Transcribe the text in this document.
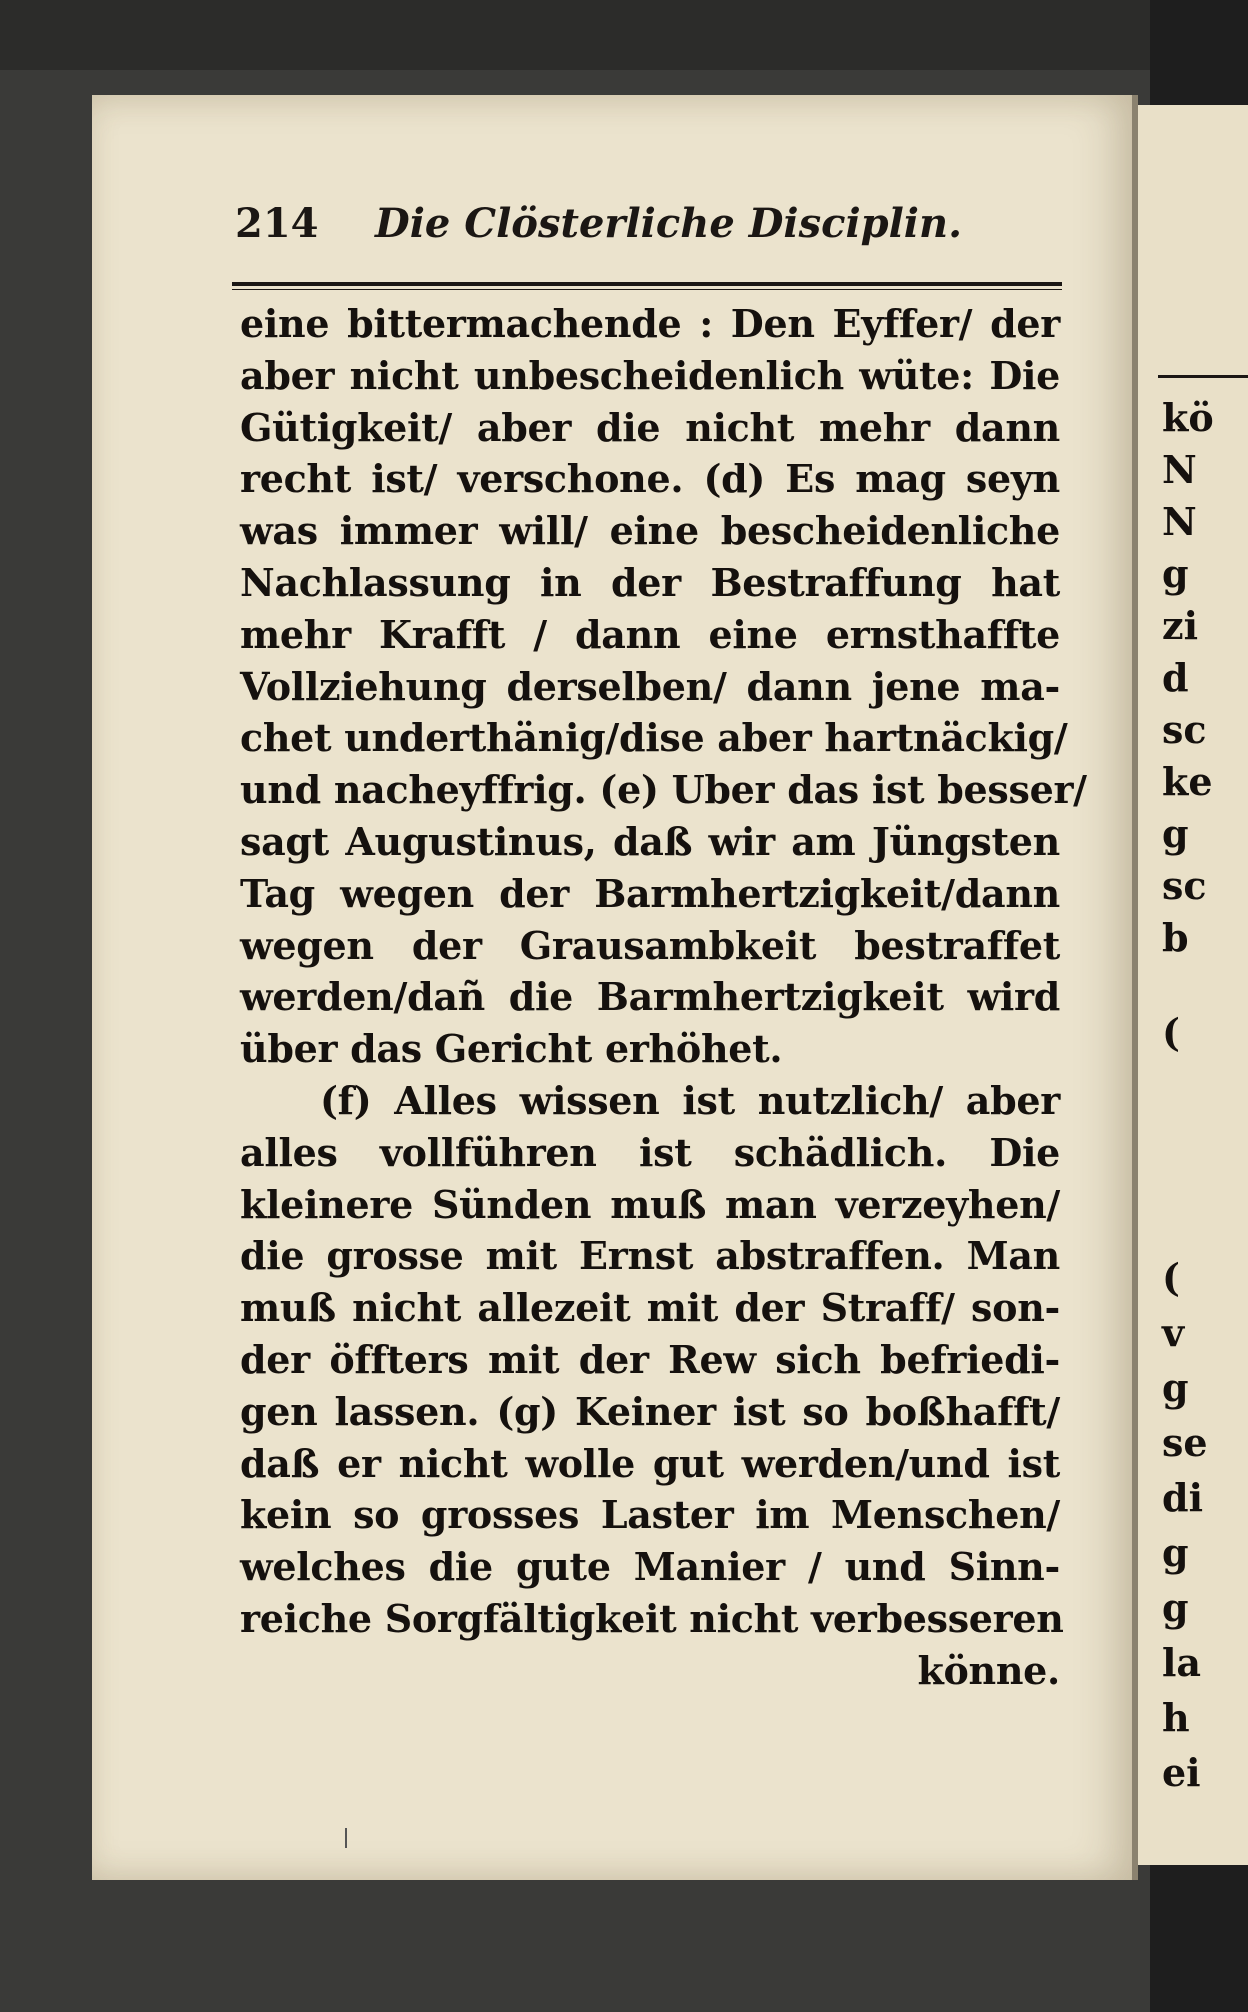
kö
N
N
g
zi
d
sc
ke
g
sc
b
(
(
v
g
se
di
g
g
la
h
ei
214 Die Clösterliche Disciplin.
eine bittermachende : Den Eyffer/ der
aber nicht unbescheidenlich wüte: Die
Gütigkeit/ aber die nicht mehr dann
recht ist/ verschone. (d) Es mag seyn
was immer will/ eine bescheidenliche
Nachlassung in der Bestraffung hat
mehr Krafft / dann eine ernsthaffte
Vollziehung derselben/ dann jene ma-
chet underthänig/dise aber hartnäckig/
und nacheyffrig. (e) Uber das ist besser/
sagt Augustinus, daß wir am Jüngsten
Tag wegen der Barmhertzigkeit/dann
wegen der Grausambkeit bestraffet
werden/dañ die Barmhertzigkeit wird
über das Gericht erhöhet.
(f) Alles wissen ist nutzlich/ aber
alles vollführen ist schädlich. Die
kleinere Sünden muß man verzeyhen/
die grosse mit Ernst abstraffen. Man
muß nicht allezeit mit der Straff/ son-
der öffters mit der Rew sich befriedi-
gen lassen. (g) Keiner ist so boßhafft/
daß er nicht wolle gut werden/und ist
kein so grosses Laster im Menschen/
welches die gute Manier / und Sinn-
reiche Sorgfältigkeit nicht verbesseren
könne.
